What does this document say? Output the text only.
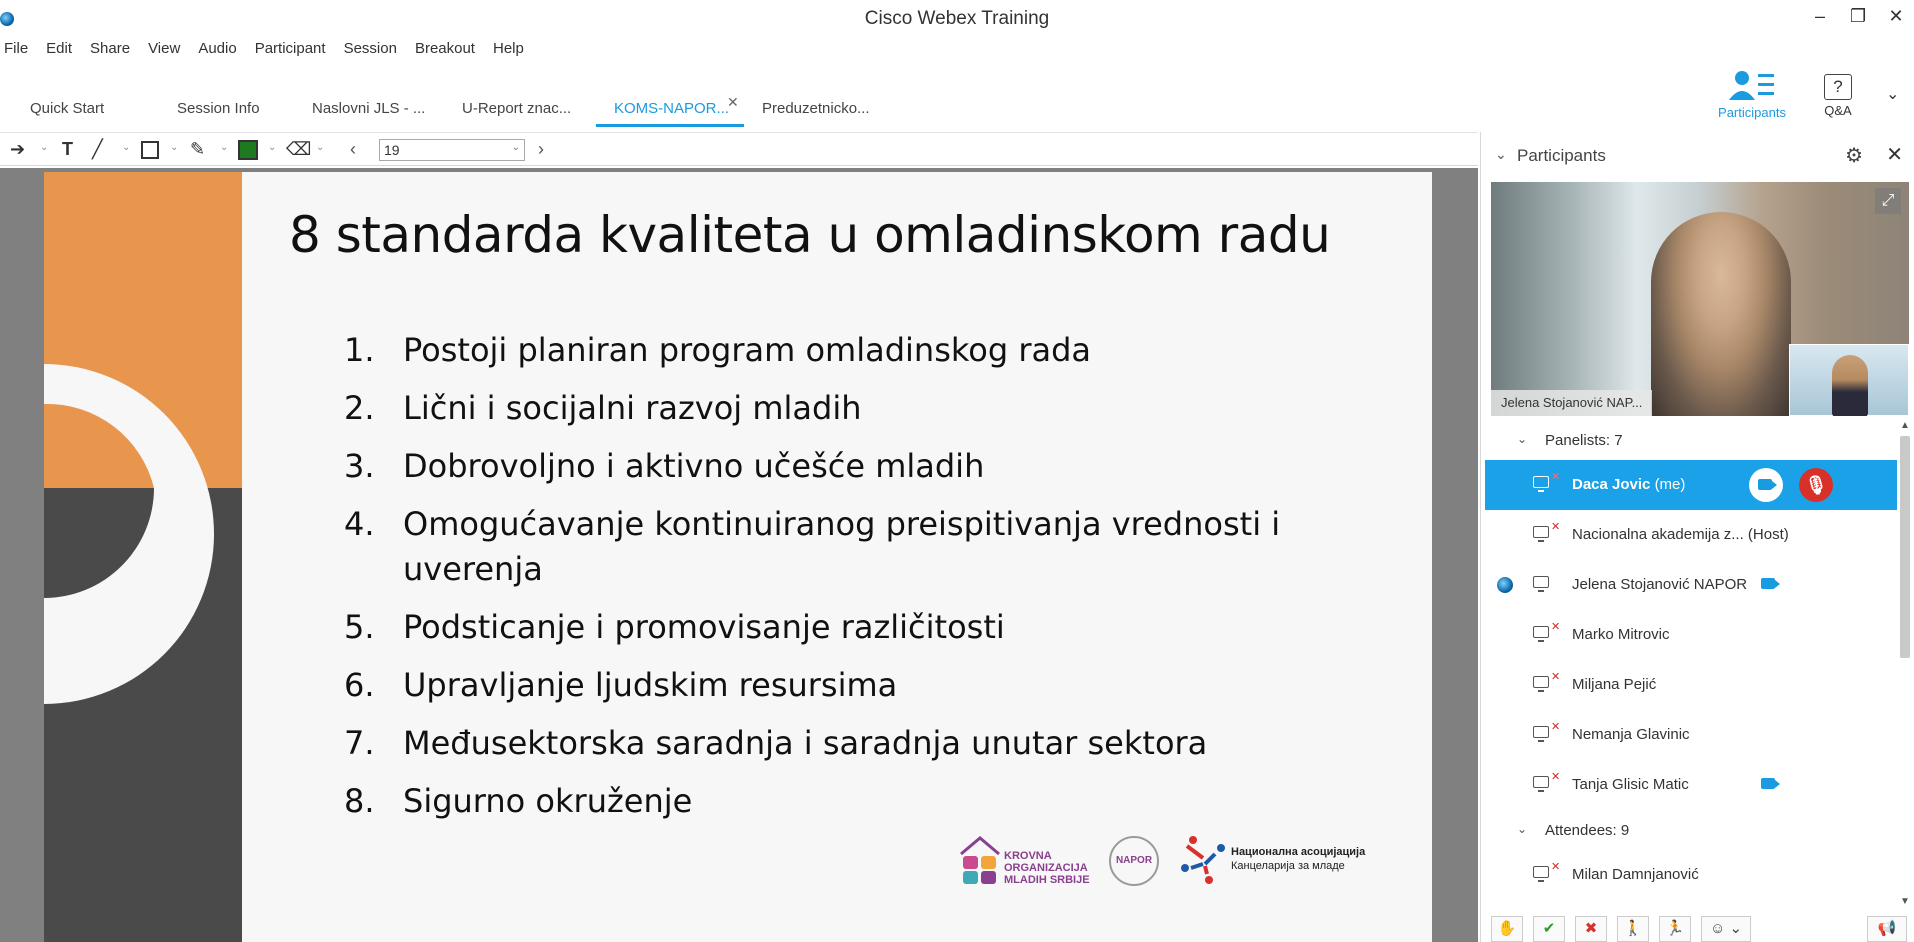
Cisco Webex Training	– ❐ ✕
File Edit Share View Audio Participant Session Breakout Help
Quick Start	Session Info	Naslovni JLS - ... U-Report znac...	KOMS-NAPOR...
✕ Preduzetnicko...	Participants
?
Q&A
⌄
➔ ⌄ T ╱ ⌄	⌄ ✎ ⌄	⌄ ⌫ ⌄ ‹	19	⌄ ›
8 standarda kvaliteta u omladinskom radu
1. Postoji planiran program omladinskog rada
2. Lični i socijalni razvoj mladih
3. Dobrovoljno i aktivno učešće mladih
4. Omogućavanje kontinuiranog preispitivanja vrednosti i uverenja
5. Podsticanje i promovisanje različitosti
6. Upravljanje ljudskim resursima
7. Međusektorska saradnja i saradnja unutar sektora
8. Sigurno okruženje
KROVNA ORGANIZACIJA MLADIH SRBIJE
NAPOR
Национална асоцијација
Канцеларија за младе
⌄ Participants	⚙ ✕
Jelena Stojanović NAP...
⤢
⌄ Panelists: 7
✕ Daca Jovic (me)	🎙
✕ Nacionalna akademija z... (Host)
Jelena Stojanović NAPOR
✕ Marko Mitrovic
✕ Miljana Pejić
✕ Nemanja Glavinic
✕ Tanja Glisic Matic
⌄ Attendees: 9
✕ Milan Damnjanović
▲
▼
✋	✔	✖	🚶	🏃	☺ ⌄	📢
